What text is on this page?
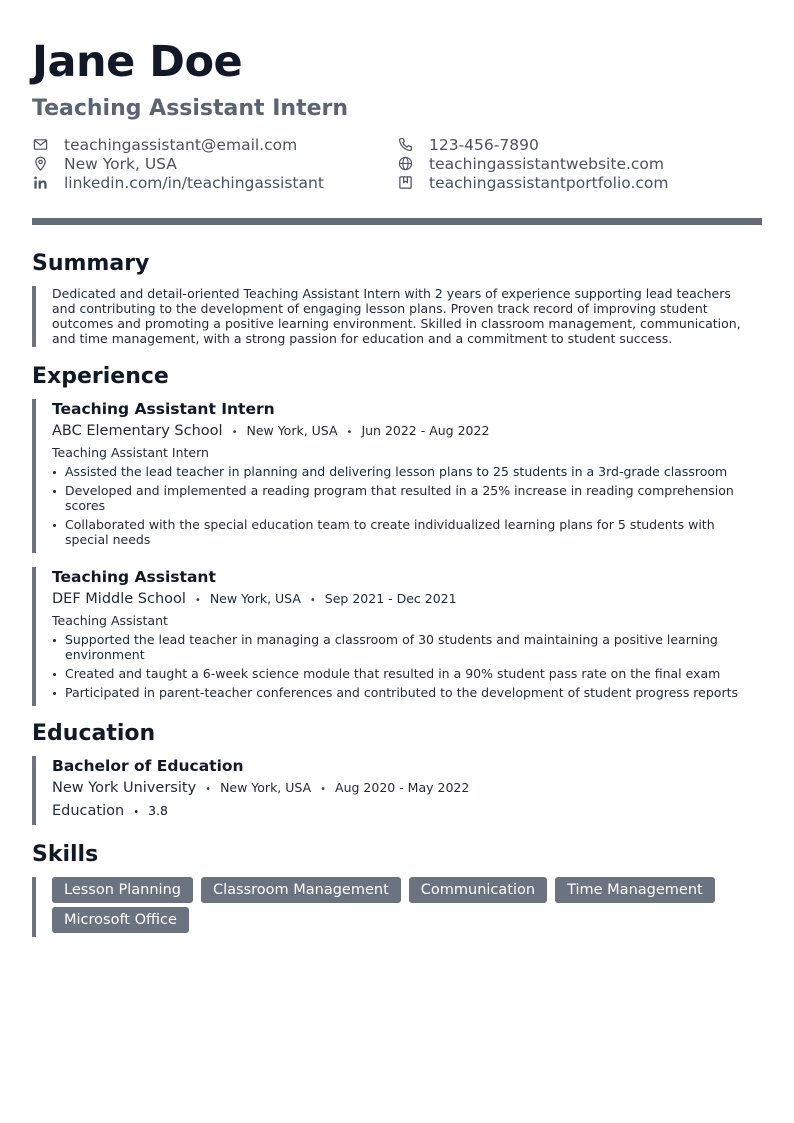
Jane Doe
Teaching Assistant Intern
teachingassistant@email.com	123-456-7890
New York, USA	teachingassistantwebsite.com
linkedin.com/in/teachingassistant	teachingassistantportfolio.com
Summary
Dedicated and detail-oriented Teaching Assistant Intern with 2 years of experience supporting lead teachers and contributing to the development of engaging lesson plans. Proven track record of improving student outcomes and promoting a positive learning environment. Skilled in classroom management, communication, and time management, with a strong passion for education and a commitment to student success.
Experience
Teaching Assistant Intern
ABC Elementary School • New York, USA • Jun 2022 - Aug 2022
Teaching Assistant Intern
Assisted the lead teacher in planning and delivering lesson plans to 25 students in a 3rd-grade classroom
Developed and implemented a reading program that resulted in a 25% increase in reading comprehension scores
Collaborated with the special education team to create individualized learning plans for 5 students with special needs
Teaching Assistant
DEF Middle School • New York, USA • Sep 2021 - Dec 2021
Teaching Assistant
Supported the lead teacher in managing a classroom of 30 students and maintaining a positive learning environment
Created and taught a 6-week science module that resulted in a 90% student pass rate on the final exam
Participated in parent-teacher conferences and contributed to the development of student progress reports
Education
Bachelor of Education
New York University • New York, USA • Aug 2020 - May 2022
Education • 3.8
Skills
Lesson Planning	Classroom Management	Communication	Time Management
Microsoft Office
